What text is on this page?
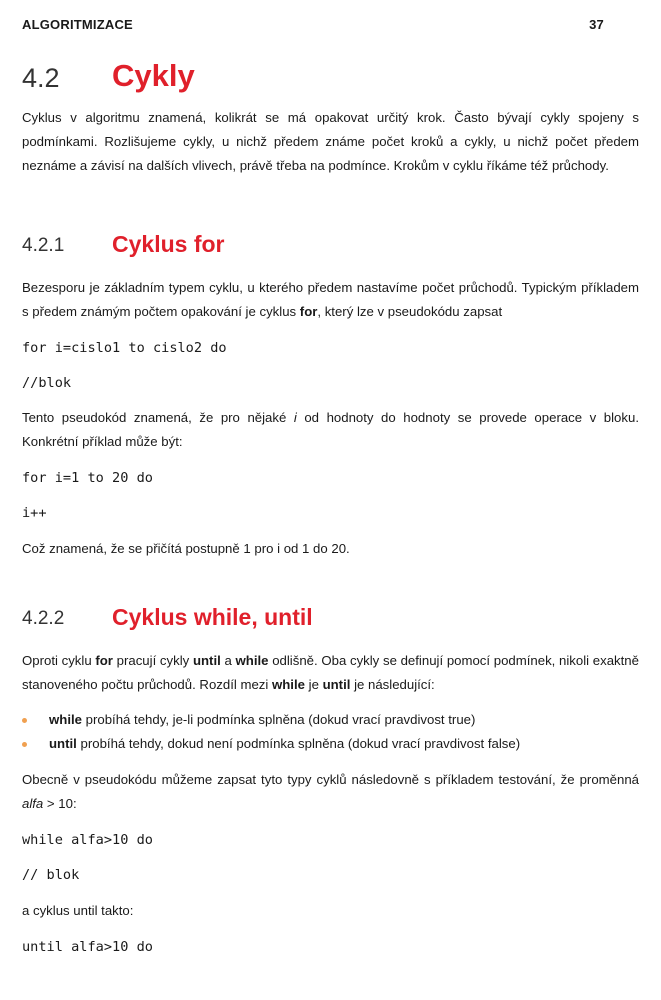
ALGORITMIZACE	37
4.2 Cykly

Cyklus v algoritmu znamená, kolikrát se má opakovat určitý krok. Často bývají cykly spojeny s podmínkami. Rozlišujeme cykly, u nichž předem známe počet kroků a cykly, u nichž počet předem neznáme a závisí na dalších vlivech, právě třeba na podmínce. Krokům v cyklu říkáme též průchody.

4.2.1 Cyklus for

Bezesporu je základním typem cyklu, u kterého předem nastavíme počet průchodů. Typickým příkladem s předem známým počtem opakování je cyklus for, který lze v pseudokódu zapsat

for i=cislo1 to cislo2 do
//blok

Tento pseudokód znamená, že pro nějaké i od hodnoty do hodnoty se provede operace v bloku. Konkrétní příklad může být:

for i=1 to 20 do
i++

Což znamená, že se přičítá postupně 1 pro i od 1 do 20.

4.2.2 Cyklus while, until

Oproti cyklu for pracují cykly until a while odlišně. Oba cykly se definují pomocí podmínek, nikoli exaktně stanoveného počtu průchodů. Rozdíl mezi while je until je následující:

while probíhá tehdy, je-li podmínka splněna (dokud vrací pravdivost true)
until probíhá tehdy, dokud není podmínka splněna (dokud vrací pravdivost false)

Obecně v pseudokódu můžeme zapsat tyto typy cyklů následovně s příkladem testování, že proměnná alfa > 10:

while alfa>10 do
// blok

a cyklus until takto:

until alfa>10 do
